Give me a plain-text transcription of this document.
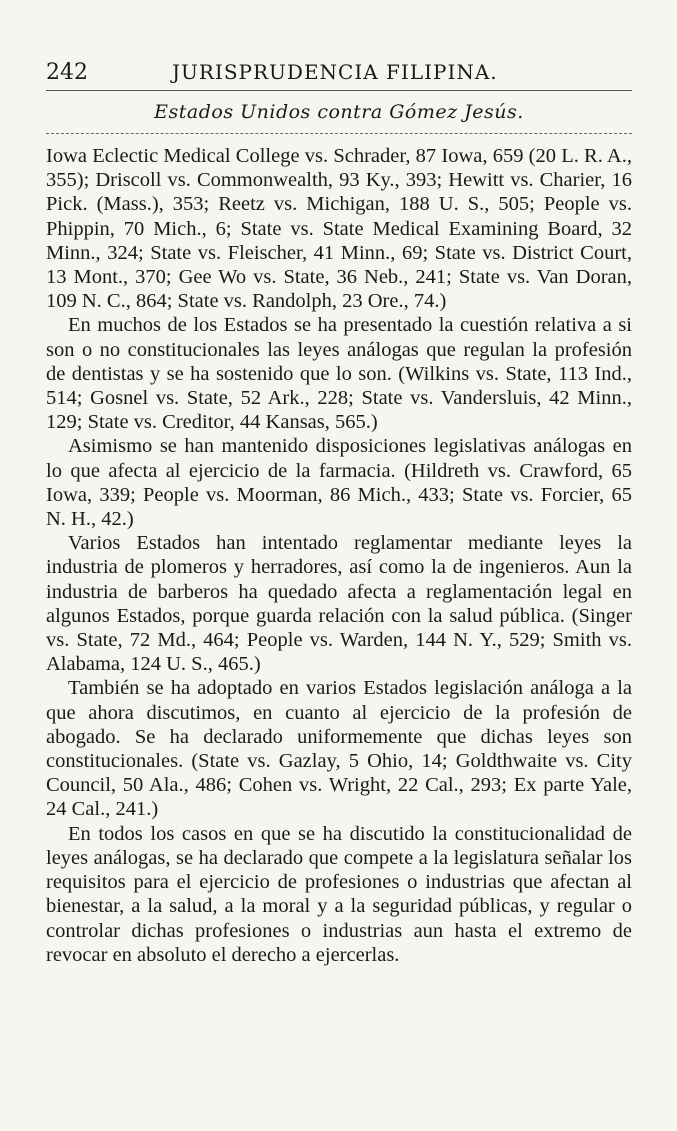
242	JURISPRUDENCIA FILIPINA.
Estados Unidos contra Gómez Jesús.

Iowa Eclectic Medical College vs. Schrader, 87 Iowa, 659 (20 L. R. A., 355); Driscoll vs. Commonwealth, 93 Ky., 393; Hewitt vs. Charier, 16 Pick. (Mass.), 353; Reetz vs. Michigan, 188 U. S., 505; People vs. Phippin, 70 Mich., 6; State vs. State Medical Examining Board, 32 Minn., 324; State vs. Fleischer, 41 Minn., 69; State vs. District Court, 13 Mont., 370; Gee Wo vs. State, 36 Neb., 241; State vs. Van Doran, 109 N. C., 864; State vs. Randolph, 23 Ore., 74.)

En muchos de los Estados se ha presentado la cuestión relativa a si son o no constitucionales las leyes análogas que regulan la profesión de dentistas y se ha sostenido que lo son. (Wilkins vs. State, 113 Ind., 514; Gosnel vs. State, 52 Ark., 228; State vs. Vandersluis, 42 Minn., 129; State vs. Creditor, 44 Kansas, 565.)

Asimismo se han mantenido disposiciones legislativas análogas en lo que afecta al ejercicio de la farmacia. (Hildreth vs. Crawford, 65 Iowa, 339; People vs. Moorman, 86 Mich., 433; State vs. Forcier, 65 N. H., 42.)

Varios Estados han intentado reglamentar mediante leyes la industria de plomeros y herradores, así como la de ingenieros. Aun la industria de barberos ha quedado afecta a reglamentación legal en algunos Estados, porque guarda relación con la salud pública. (Singer vs. State, 72 Md., 464; People vs. Warden, 144 N. Y., 529; Smith vs. Alabama, 124 U. S., 465.)

También se ha adoptado en varios Estados legislación análoga a la que ahora discutimos, en cuanto al ejercicio de la profesión de abogado. Se ha declarado uniformemente que dichas leyes son constitucionales. (State vs. Gazlay, 5 Ohio, 14; Goldthwaite vs. City Council, 50 Ala., 486; Cohen vs. Wright, 22 Cal., 293; Ex parte Yale, 24 Cal., 241.)

En todos los casos en que se ha discutido la constitucionalidad de leyes análogas, se ha declarado que compete a la legislatura señalar los requisitos para el ejercicio de profesiones o industrias que afectan al bienestar, a la salud, a la moral y a la seguridad públicas, y regular o controlar dichas profesiones o industrias aun hasta el extremo de revocar en absoluto el derecho a ejercerlas.
